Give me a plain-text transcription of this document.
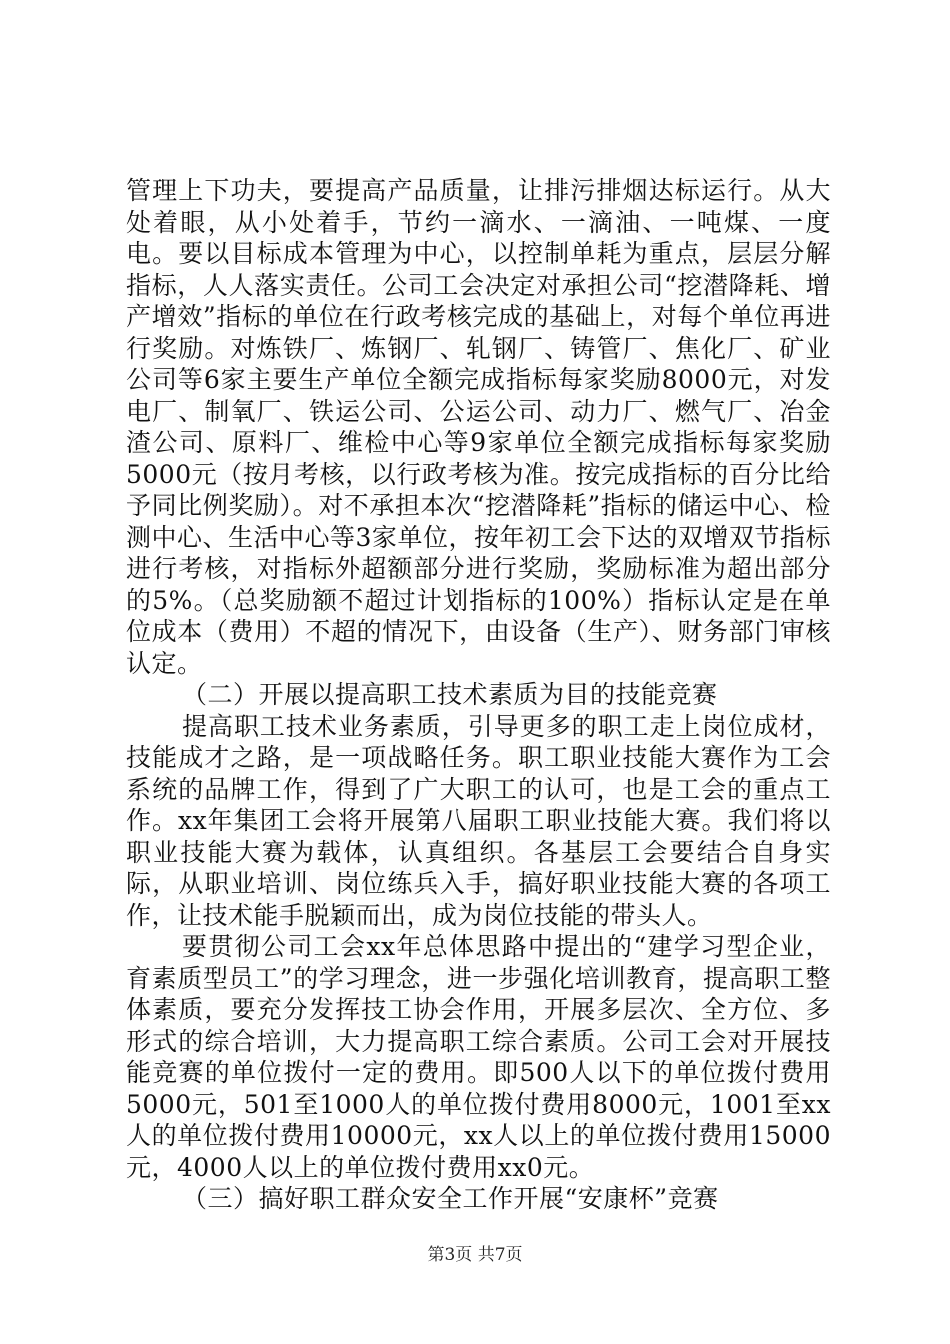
管理上下功夫，要提高产品质量，让排污排烟达标运行。从大处着眼，从小处着手，节约一滴水、一滴油、一吨煤、一度电。要以目标成本管理为中心，以控制单耗为重点，层层分解指标，人人落实责任。公司工会决定对承担公司“挖潜降耗、增产增效”指标的单位在行政考核完成的基础上，对每个单位再进行奖励。对炼铁厂、炼钢厂、轧钢厂、铸管厂、焦化厂、矿业公司等6家主要生产单位全额完成指标每家奖励8000元，对发电厂、制氧厂、铁运公司、公运公司、动力厂、燃气厂、冶金渣公司、原料厂、维检中心等9家单位全额完成指标每家奖励5000元（按月考核，以行政考核为准。按完成指标的百分比给予同比例奖励）。对不承担本次“挖潜降耗”指标的储运中心、检测中心、生活中心等3家单位，按年初工会下达的双增双节指标进行考核，对指标外超额部分进行奖励，奖励标准为超出部分的5%。（总奖励额不超过计划指标的100%）指标认定是在单位成本（费用）不超的情况下，由设备（生产）、财务部门审核认定。

（二）开展以提高职工技术素质为目的技能竞赛

提高职工技术业务素质，引导更多的职工走上岗位成材，技能成才之路，是一项战略任务。职工职业技能大赛作为工会系统的品牌工作，得到了广大职工的认可，也是工会的重点工作。xx年集团工会将开展第八届职工职业技能大赛。我们将以职业技能大赛为载体，认真组织。各基层工会要结合自身实际，从职业培训、岗位练兵入手，搞好职业技能大赛的各项工作，让技术能手脱颖而出，成为岗位技能的带头人。

要贯彻公司工会xx年总体思路中提出的“建学习型企业，育素质型员工”的学习理念，进一步强化培训教育，提高职工整体素质，要充分发挥技工协会作用，开展多层次、全方位、多形式的综合培训，大力提高职工综合素质。公司工会对开展技能竞赛的单位拨付一定的费用。即500人以下的单位拨付费用5000元，501至1000人的单位拨付费用8000元，1001至xx人的单位拨付费用10000元，xx人以上的单位拨付费用15000元，4000人以上的单位拨付费用xx0元。

（三）搞好职工群众安全工作开展“安康杯”竞赛

第3页 共7页
